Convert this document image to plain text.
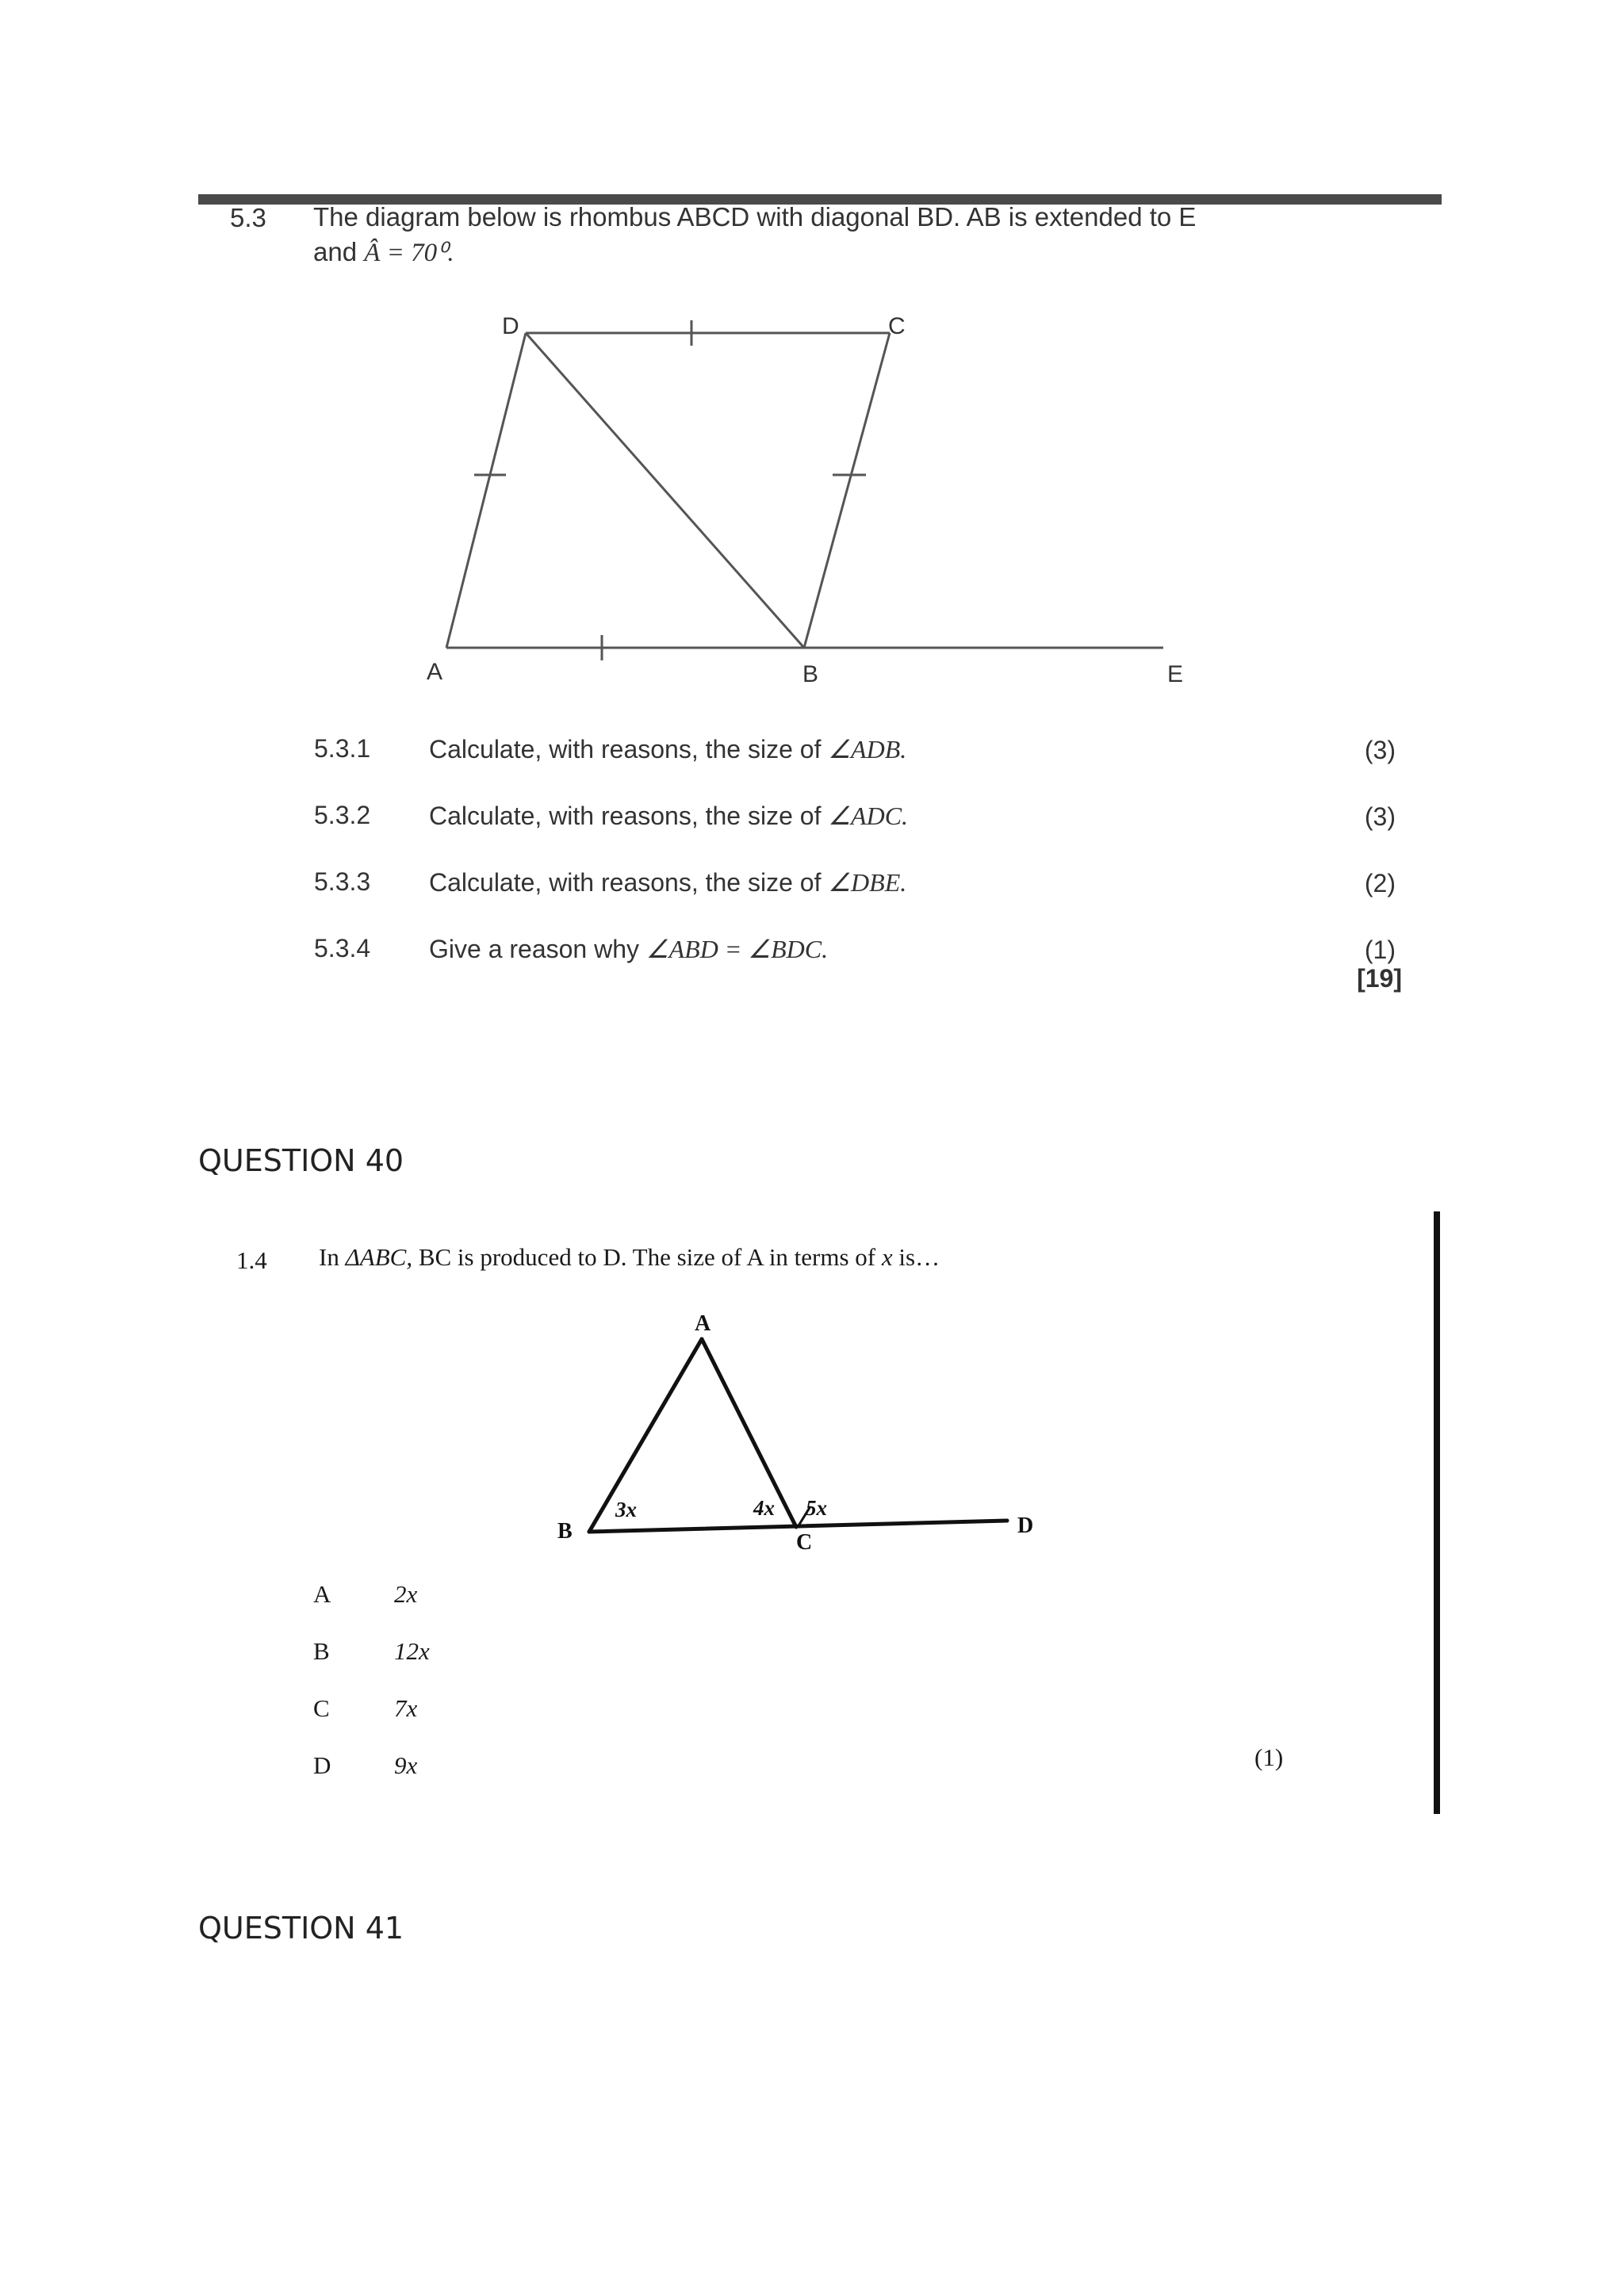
5.3 The diagram below is rhombus ABCD with diagonal BD. AB is extended to E
and Â = 70⁰.
D	C
A	B	E
5.3.1 Calculate, with reasons, the size of ∠ADB.	(3)
5.3.2 Calculate, with reasons, the size of ∠ADC.	(3)
5.3.3 Calculate, with reasons, the size of ∠DBE.	(2)
5.3.4 Give a reason why ∠ABD = ∠BDC.	(1)
[19]
QUESTION 40
1.4 In ΔABC, BC is produced to D. The size of A in terms of x is…
A
B	C
D
3x	4x 5x
A	2x
B	12x
C	7x
D	9x	(1)
QUESTION 41
